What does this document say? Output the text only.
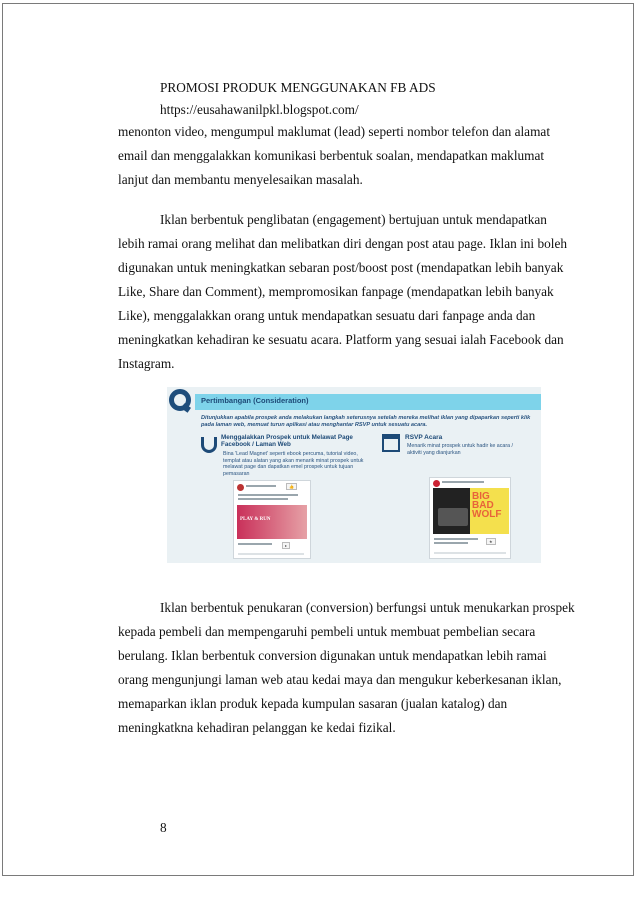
PROMOSI PRODUK MENGGUNAKAN FB ADS
https://eusahawanilpkl.blogspot.com/
menonton video, mengumpul maklumat (lead) seperti nombor telefon dan alamat
email dan menggalakkan komunikasi berbentuk soalan, mendapatkan maklumat
lanjut dan membantu menyelesaikan masalah.
Iklan berbentuk penglibatan (engagement) bertujuan untuk mendapatkan
lebih ramai orang melihat dan melibatkan diri dengan post atau page. Iklan ini boleh
digunakan untuk meningkatkan sebaran post/boost post (mendapatkan lebih banyak
Like, Share dan Comment), mempromosikan fanpage (mendapatkan lebih banyak
Like), menggalakkan orang untuk mendapatkan sesuatu dari fanpage anda dan
meningkatkan kehadiran ke sesuatu acara. Platform yang sesuai ialah Facebook dan
Instagram.
Pertimbangan (Consideration)
Ditunjukkan apabila prospek anda melakukan langkah seterusnya setelah mereka melihat iklan yang dipaparkan seperti klik pada laman web, memuat turun aplikasi atau menghantar RSVP untuk sesuatu acara.
Menggalakkan Prospek untuk Melawat Page
Facebook / Laman Web
Bina 'Lead Magnet' seperti ebook percuma, tutorial video, templat atau alatan yang akan menarik minat prospek untuk melawat page dan dapatkan emel prospek untuk tujuan pemasaran
RSVP Acara
Menarik minat prospek untuk hadir ke acara / aktiviti yang dianjurkan
👍
PLAY & RUN
▸
BIG BAD WOLF
★
Iklan berbentuk penukaran (conversion) berfungsi untuk menukarkan prospek
kepada pembeli dan mempengaruhi pembeli untuk membuat pembelian secara
berulang. Iklan berbentuk conversion digunakan untuk mendapatkan lebih ramai
orang mengunjungi laman web atau kedai maya dan mengukur keberkesanan iklan,
memaparkan iklan produk kepada kumpulan sasaran (jualan katalog) dan
meningkatkna kehadiran pelanggan ke kedai fizikal.
8
